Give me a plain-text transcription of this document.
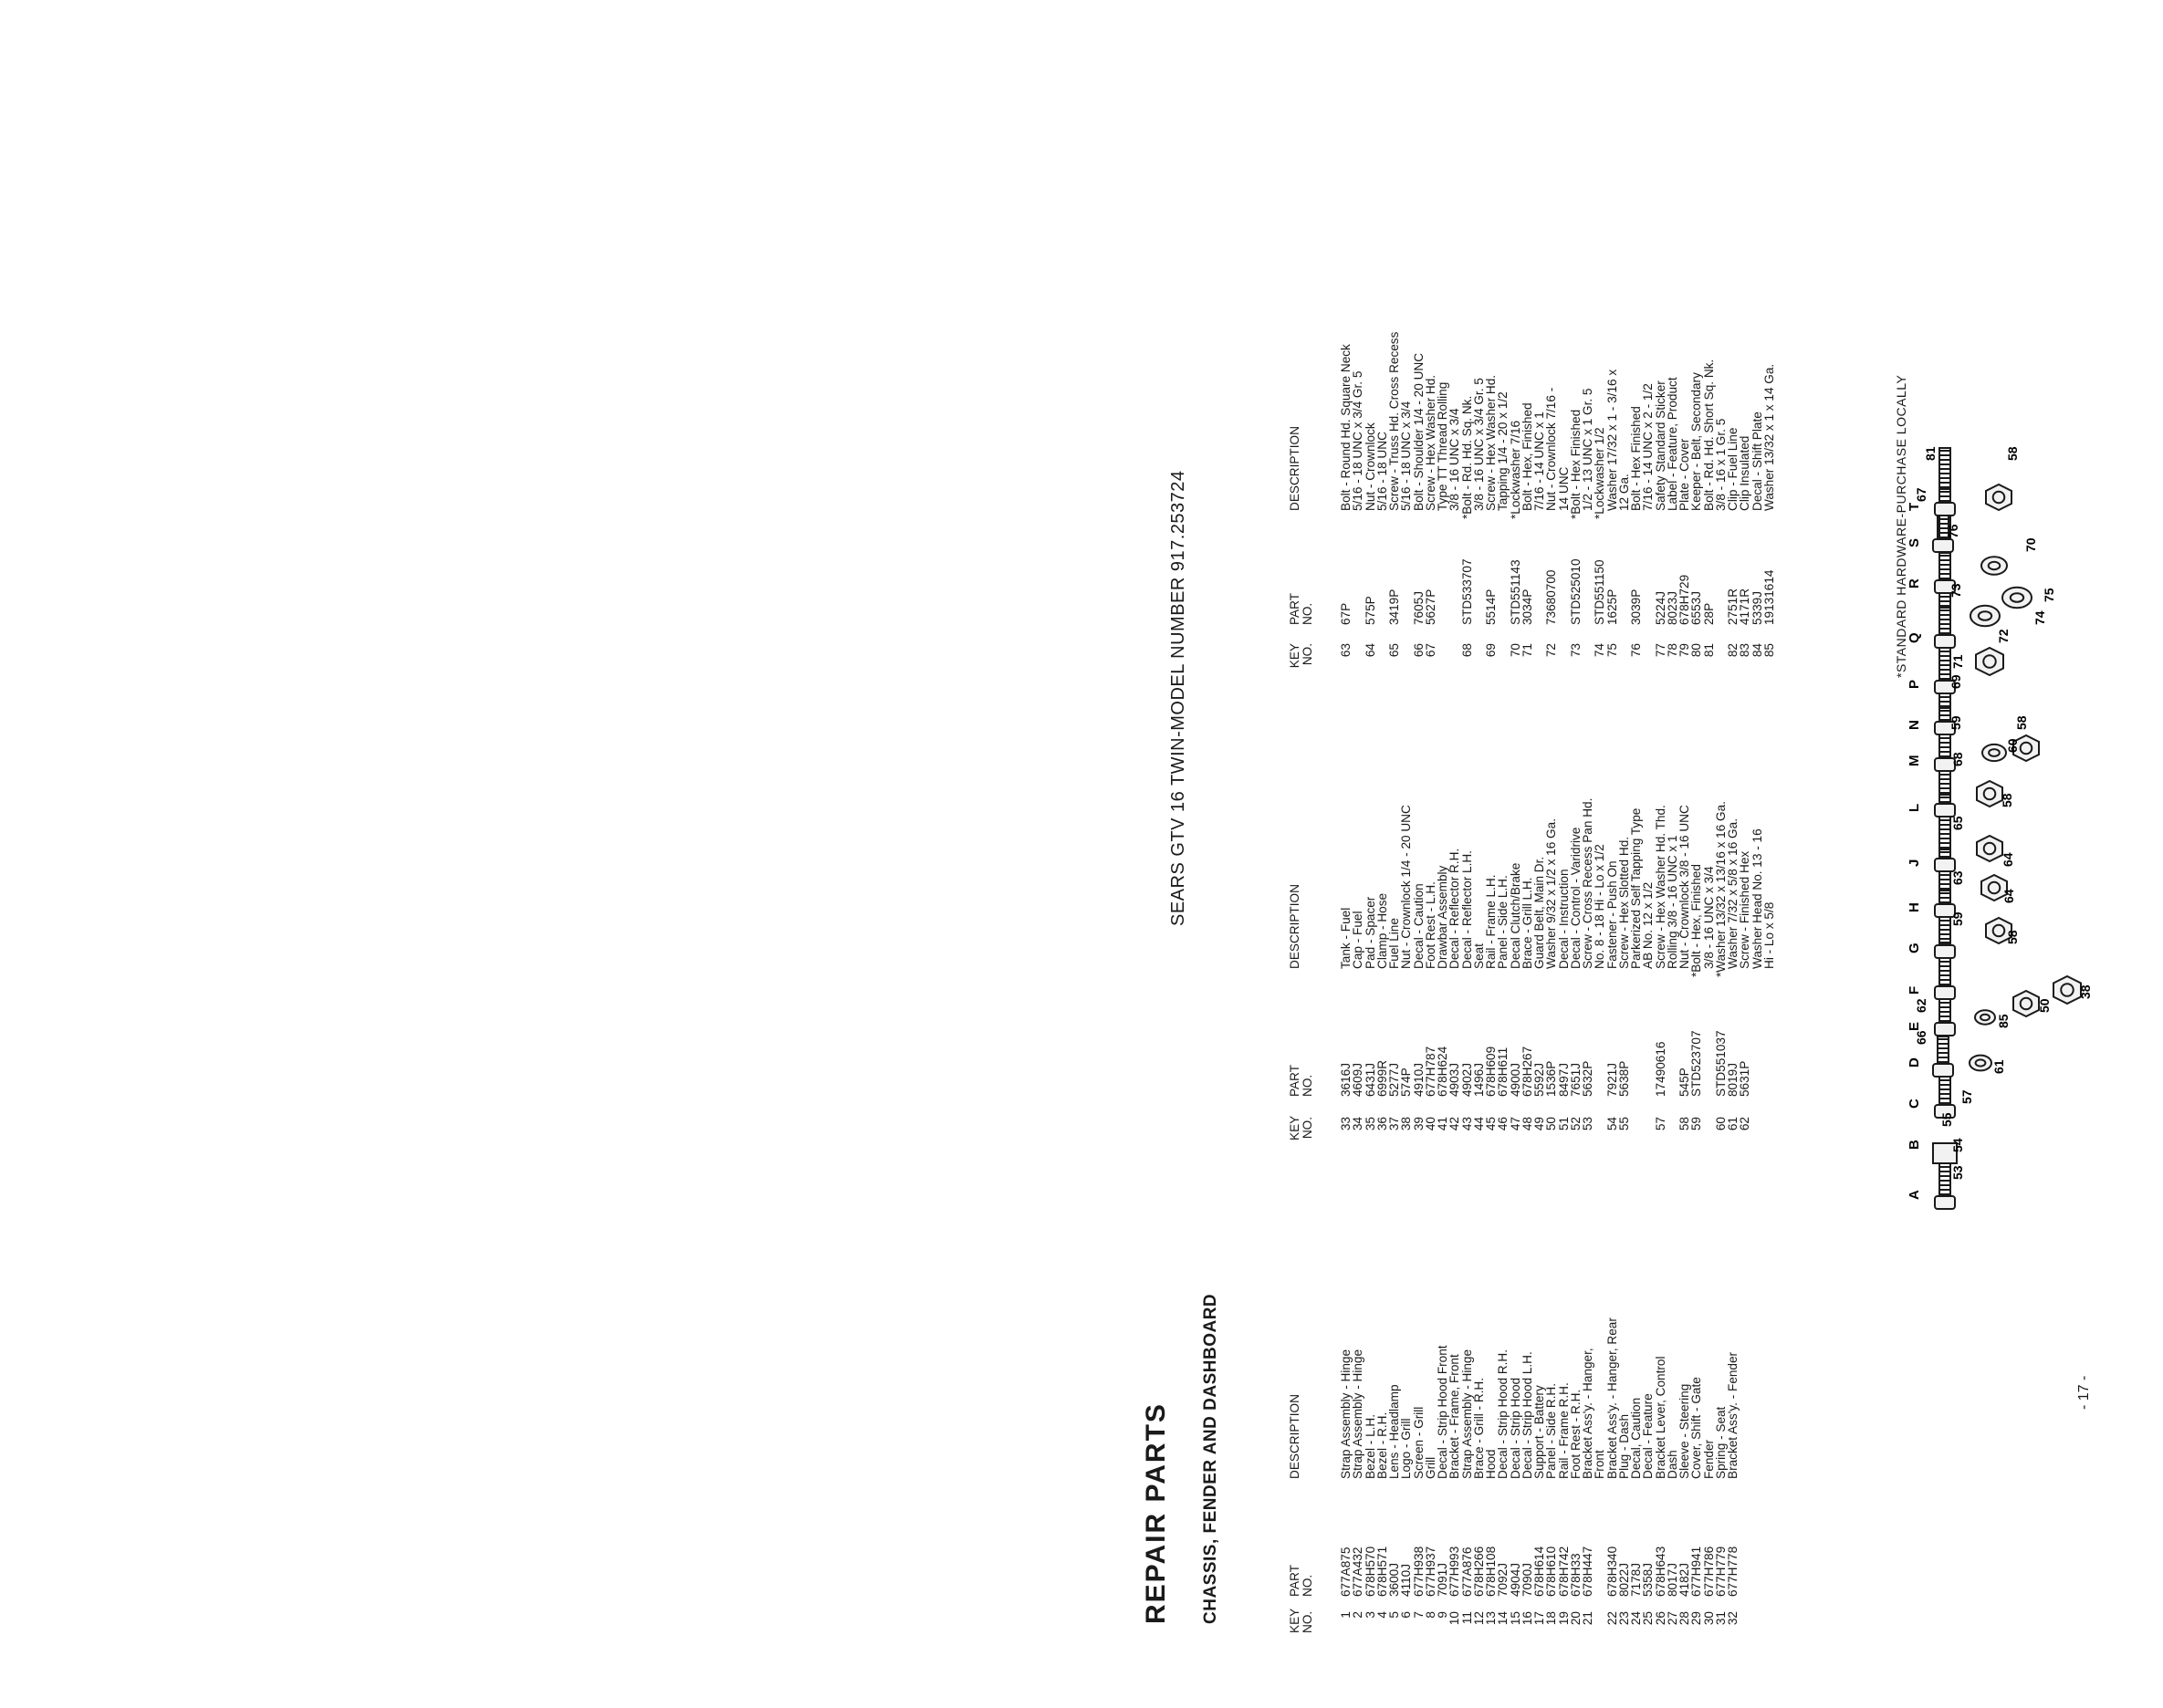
REPAIR PARTS CHASSIS, FENDER AND DASHBOARD
SEARS GTV 16 TWIN-MODEL NUMBER 917.253724
KEY NO.
PART NO.
DESCRIPTION
1
677A875
Strap Assembly - Hinge
2
677A432
Strap Assembly - Hinge
3
678H570
Bezel - L.H.
4
678H571
Bezel - R.H.
5
3600J
Lens - Headlamp
6
4110J
Logo - Grill
7
677H938
Screen - Grill
8
677H937
Grill
9
7091J
Decal - Strip Hood Front
10
677H993
Bracket - Frame, Front
11
677A876
Strap Assembly - Hinge
12
678H266
Brace - Grill - R.H.
13
678H108
Hood
14
7092J
Decal - Strip Hood R.H.
15
4904J
Decal - Strip Hood
16
7090J
Decal - Strip Hood L.H.
17
678H614
Support - Battery
18
678H610
Panel - Side R.H.
19
678H742
Rail - Frame R.H.
20
678H33
Foot Rest - R.H.
21
678H447
Bracket Ass'y. - Hanger,
Front
22
678H340
Bracket Ass'y. - Hanger, Rear
23
8022J
Plug - Dash
24
7178J
Decal, Caution
25
5358J
Decal - Feature
26
678H643
Bracket Lever, Control
27
8017J
Dash
28
4182J
Sleeve - Steering
29
677H941
Cover, Shift - Gate
30
677H786
Fender
31
677H779
Spring - Seat
32
677H778
Bracket Ass'y. - Fender
KEY NO.
PART NO.
DESCRIPTION
33
3616J
Tank - Fuel
34
4609J
Cap - Fuel
35
6431J
Pad - Spacer
36
6999R
Clamp - Hose
37
5277J
Fuel Line
38
574P
Nut - Crownlock 1/4 - 20 UNC
39
4910J
Decal - Caution
40
677H787
Foot Rest - L.H.
41
678H624
Drawbar Assembly
42
4903J
Decal - Reflector R.H.
43
4902J
Decal - Reflector L.H.
44
1496J
Seat
45
678H609
Rail - Frame L.H.
46
678H611
Panel - Side L.H.
47
4900J
Decal Clutch/Brake
48
678H267
Brace - Grill L.H.
49
5592J
Guard Belt, Main Dr.
50
1536P
Washer 9/32 x 1/2 x 16 Ga.
51
8497J
Decal - Instruction
52
7651J
Decal - Control - Varidrive
53
5632P
Screw - Cross Recess Pan Hd.
No. 8 - 18 Hi - Lo x 1/2
54
7921J
Fastener - Push On
55
5638P
Screw - Hex Slotted Hd.
Parkerized Self Tapping Type
AB No. 12 x 1/2
57
17490616
Screw - Hex Washer Hd. Thd.
Rolling 3/8 - 16 UNC x 1
58
545P
Nut - Crownlock 3/8 - 16 UNC
59
STD523707
*Bolt - Hex, Finished
3/8 - 16 UNC x 3/4
60
STD551037
*Washer 13/32 x 13/16 x 16 Ga.
61
8019J
Washer 7/32 x 5/8 x 16 Ga.
62
5631P
Screw - Finished Hex
Washer Head No. 13 - 16
Hi - Lo x 5/8
KEY NO.
PART NO.
DESCRIPTION
63
67P
Bolt - Round Hd. Square Neck
5/16 - 18 UNC x 3/4 Gr. 5
64
575P
Nut - Crownlock
5/16 - 18 UNC
65
3419P
Screw - Truss Hd. Cross Recess
5/16 - 18 UNC x 3/4
66
7605J
Bolt - Shoulder 1/4 - 20 UNC
67
5627P
Screw - Hex Washer Hd.
Type TT Thread Rolling
3/8 - 16 UNC x 3/4
68
STD533707
*Bolt - Rd. Hd. Sq. Nk.
3/8 - 16 UNC x 3/4 Gr. 5
69
5514P
Screw - Hex Washer Hd.
Tapping 1/4 - 20 x 1/2
70
STD551143
*Lockwasher 7/16
71
3034P
Bolt - Hex, Finished
7/16 - 14 UNC x 1
72
73680700
Nut - Crownlock 7/16 -
14 UNC
73
STD525010
*Bolt - Hex Finished
1/2 - 13 UNC x 1 Gr. 5
74
STD551150
*Lockwasher 1/2
75
1625P
Washer 17/32 x 1 - 3/16 x
12 Ga.
76
3039P
Bolt - Hex Finished
7/16 - 14 UNC x 2 - 1/2
77
5224J
Safety Standard Sticker
78
8023J
Label - Feature, Product
79
678H729
Plate - Cover
80
6553J
Keeper - Belt, Secondary
81
28P
Bolt - Rd. Hd. Short Sq. Nk.
3/8 - 16 x 1 Gr. 5
82
2751R
Clip - Fuel Line
83
4171R
Clip Insulated
84
5339J
Decal - Shift Plate
85
19131614
Washer 13/32 x 1 x 14 Ga.	*STANDARD HARDWARE-PURCHASE LOCALLY
- 17 -
A
B
C
D
E
F
G
H
J
L
M
N
P
Q
R
S
T
53
54
55
61
57
85
66
50
38
62
59
58
63
64
65
64
68
58
59
60
58
69
71
72
73
74
75
76
70
67
81	58
